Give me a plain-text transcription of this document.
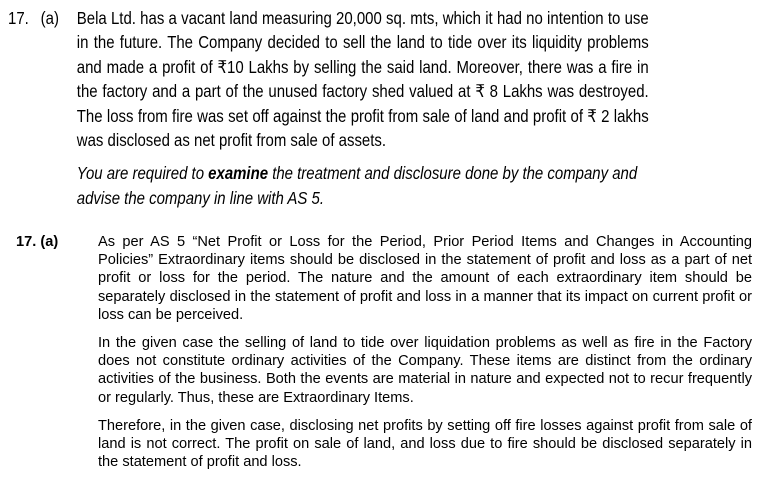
17. (a)	Bela Ltd. has a vacant land measuring 20,000 sq. mts, which it had no intention to use in the future. The Company decided to sell the land to tide over its liquidity problems and made a profit of ₹10 Lakhs by selling the said land. Moreover, there was a fire in the factory and a part of the unused factory shed valued at ₹ 8 Lakhs was destroyed. The loss from fire was set off against the profit from sale of land and profit of ₹ 2 lakhs was disclosed as net profit from sale of assets.

You are required to examine the treatment and disclosure done by the company and advise the company in line with AS 5.

17. (a)	As per AS 5 “Net Profit or Loss for the Period, Prior Period Items and Changes in Accounting Policies” Extraordinary items should be disclosed in the statement of profit and loss as a part of net profit or loss for the period. The nature and the amount of each extraordinary item should be separately disclosed in the statement of profit and loss in a manner that its impact on current profit or loss can be perceived.

In the given case the selling of land to tide over liquidation problems as well as fire in the Factory does not constitute ordinary activities of the Company. These items are distinct from the ordinary activities of the business. Both the events are material in nature and expected not to recur frequently or regularly. Thus, these are Extraordinary Items.

Therefore, in the given case, disclosing net profits by setting off fire losses against profit from sale of land is not correct. The profit on sale of land, and loss due to fire should be disclosed separately in the statement of profit and loss.
